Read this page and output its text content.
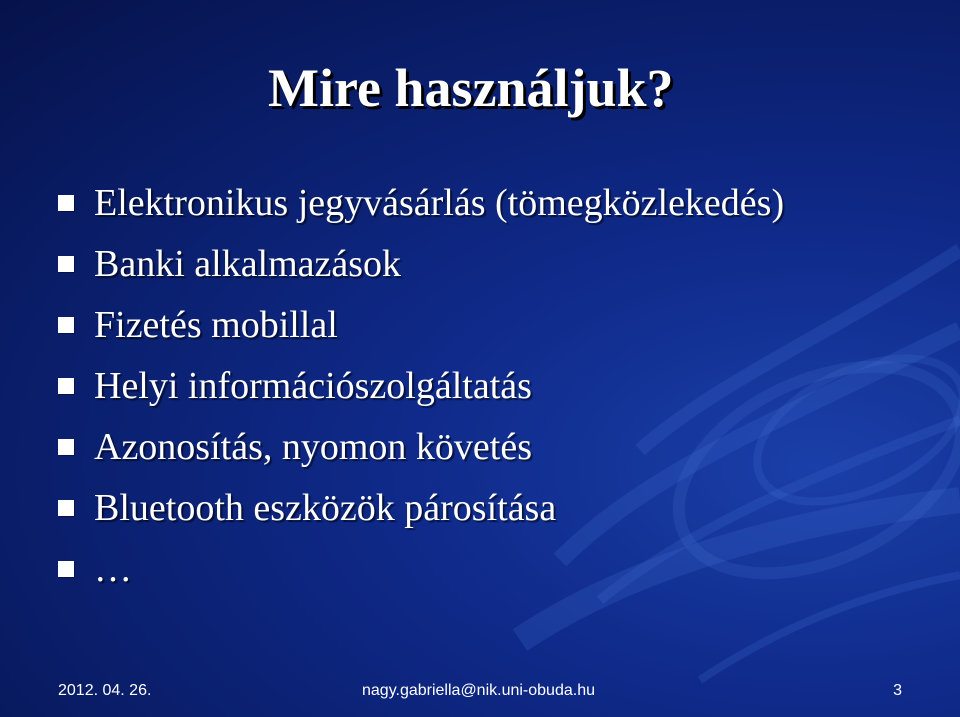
Mire használjuk?
Elektronikus jegyvásárlás (tömegközlekedés)
Banki alkalmazások
Fizetés mobillal
Helyi információszolgáltatás
Azonosítás, nyomon követés
Bluetooth eszközök párosítása
…
2012. 04. 26.	nagy.gabriella@nik.uni-obuda.hu	3
